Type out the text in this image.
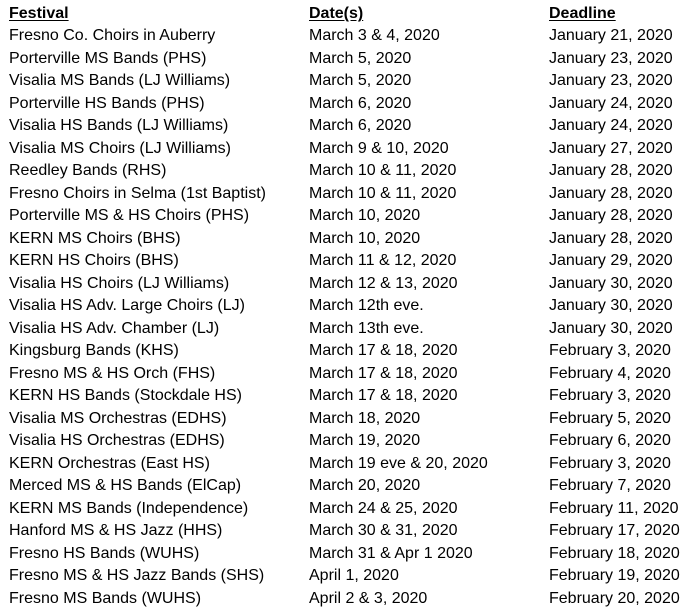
Festival	Date(s)	Deadline
Fresno Co. Choirs in Auberry	March 3 & 4, 2020	January 21, 2020
Porterville MS Bands (PHS)	March 5, 2020	January 23, 2020
Visalia MS Bands (LJ Williams)	March 5, 2020	January 23, 2020
Porterville HS Bands (PHS)	March 6, 2020	January 24, 2020
Visalia HS Bands (LJ Williams)	March 6, 2020	January 24, 2020
Visalia MS Choirs (LJ Williams)	March 9 & 10, 2020	January 27, 2020
Reedley Bands (RHS)	March 10 & 11, 2020	January 28, 2020
Fresno Choirs in Selma (1st Baptist)	March 10 & 11, 2020	January 28, 2020
Porterville MS & HS Choirs (PHS)	March 10, 2020	January 28, 2020
KERN MS Choirs (BHS)	March 10, 2020	January 28, 2020
KERN HS Choirs (BHS)	March 11 & 12, 2020	January 29, 2020
Visalia HS Choirs (LJ Williams)	March 12 & 13, 2020	January 30, 2020
Visalia HS Adv. Large Choirs (LJ)	March 12th eve.	January 30, 2020
Visalia HS Adv. Chamber (LJ)	March 13th eve.	January 30, 2020
Kingsburg Bands (KHS)	March 17 & 18, 2020	February 3, 2020
Fresno MS & HS Orch (FHS)	March 17 & 18, 2020	February 4, 2020
KERN HS Bands (Stockdale HS)	March 17 & 18, 2020	February 3, 2020
Visalia MS Orchestras (EDHS)	March 18, 2020	February 5, 2020
Visalia HS Orchestras (EDHS)	March 19, 2020	February 6, 2020
KERN Orchestras (East HS)	March 19 eve & 20, 2020	February 3, 2020
Merced MS & HS Bands (ElCap)	March 20, 2020	February 7, 2020
KERN MS Bands (Independence)	March 24 & 25, 2020	February 11, 2020
Hanford MS & HS Jazz (HHS)	March 30 & 31, 2020	February 17, 2020
Fresno HS Bands (WUHS)	March 31 & Apr 1 2020	February 18, 2020
Fresno MS & HS Jazz Bands (SHS)	April 1, 2020	February 19, 2020
Fresno MS Bands (WUHS)	April 2 & 3, 2020	February 20, 2020
